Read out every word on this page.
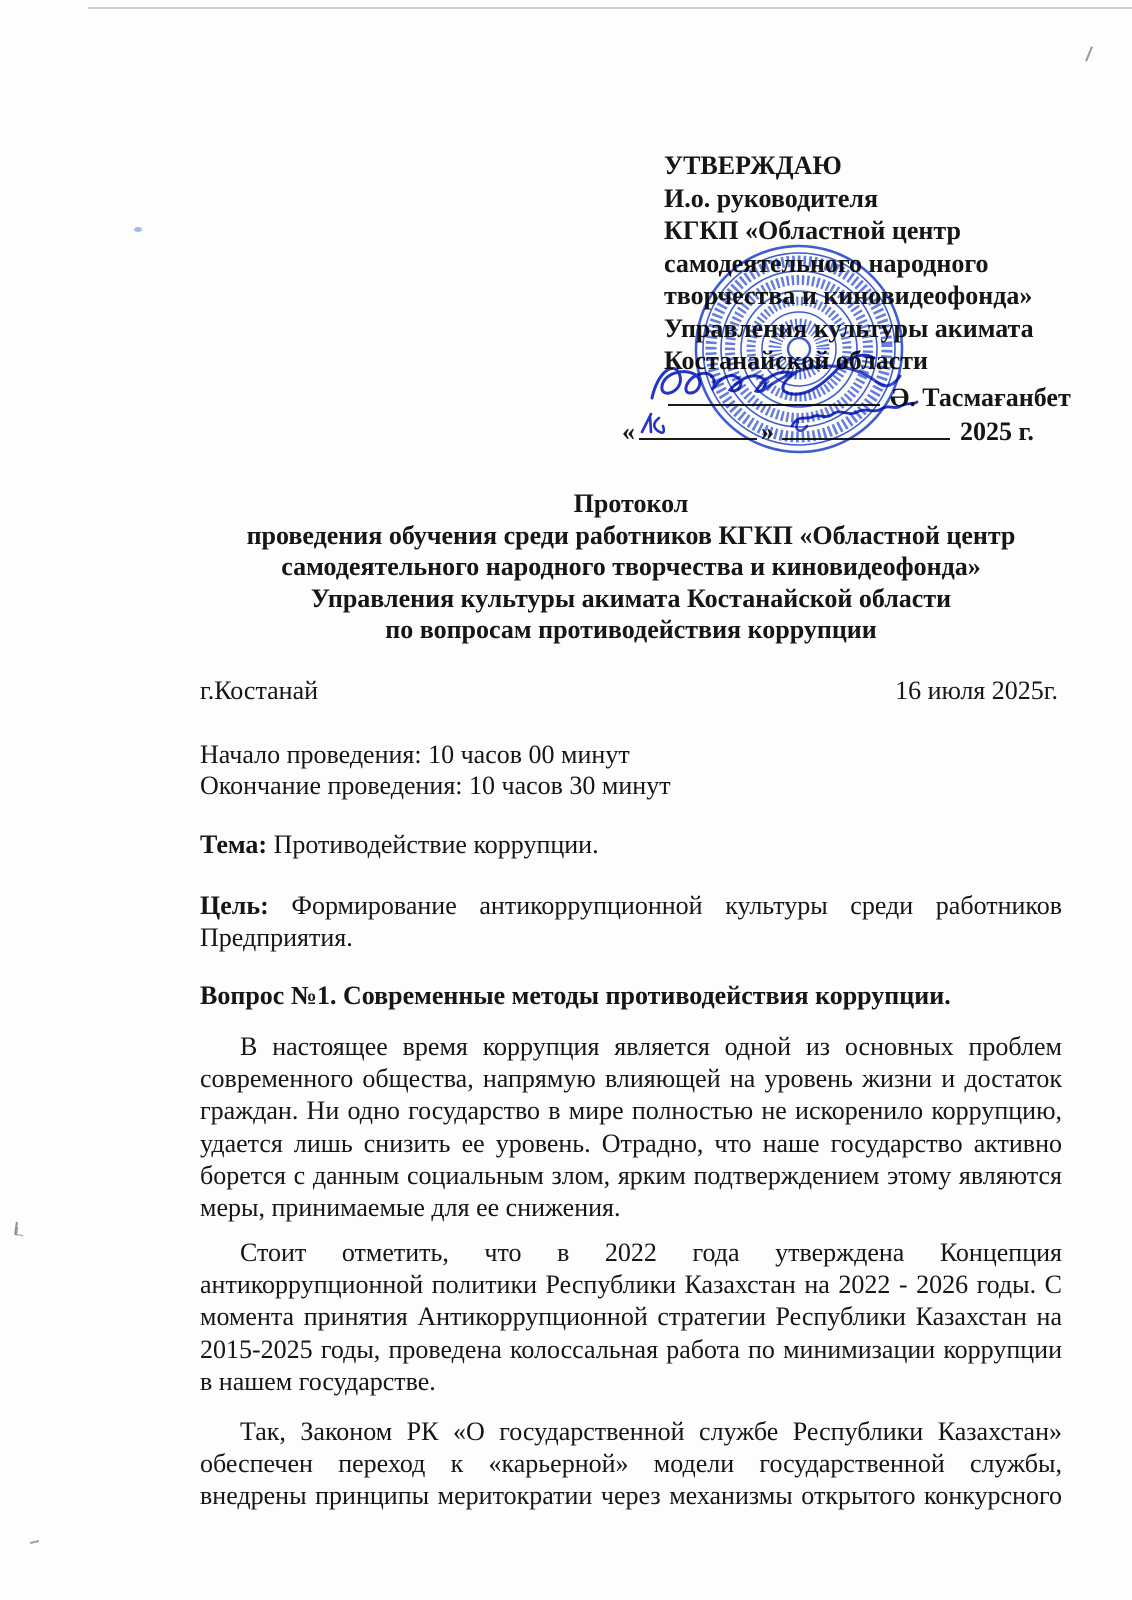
УТВЕРЖДАЮ
И.о. руководителя
КГКП «Областной центр
самодеятельного народного
творчества и киновидеофонда»
Управления культуры акимата
Костанайской области
Ә. Тасмағанбет
«	»	2025 г.
Протокол
проведения обучения среди работников КГКП «Областной центр
самодеятельного народного творчества и киновидеофонда»
Управления культуры акимата Костанайской области
по вопросам противодействия коррупции
г.Костанай	16 июля 2025г.
Начало проведения: 10 часов 00 минут
Окончание проведения: 10 часов 30 минут
Тема: Противодействие коррупции.
Цель: Формирование антикоррупционной культуры среди работников
Предприятия.
Вопрос №1. Современные методы противодействия коррупции.
В настоящее время коррупция является одной из основных проблем
современного общества, напрямую влияющей на уровень жизни и достаток
граждан. Ни одно государство в мире полностью не искоренило коррупцию,
удается лишь снизить ее уровень. Отрадно, что наше государство активно
борется с данным социальным злом, ярким подтверждением этому являются
меры, принимаемые для ее снижения.
Стоит отметить, что в 2022 года утверждена Концепция
антикоррупционной политики Республики Казахстан на 2022 - 2026 годы. С
момента принятия Антикоррупционной стратегии Республики Казахстан на
2015-2025 годы, проведена колоссальная работа по минимизации коррупции
в нашем государстве.
Так, Законом РК «О государственной службе Республики Казахстан»
обеспечен переход к «карьерной» модели государственной службы,
внедрены принципы меритократии через механизмы открытого конкурсного
